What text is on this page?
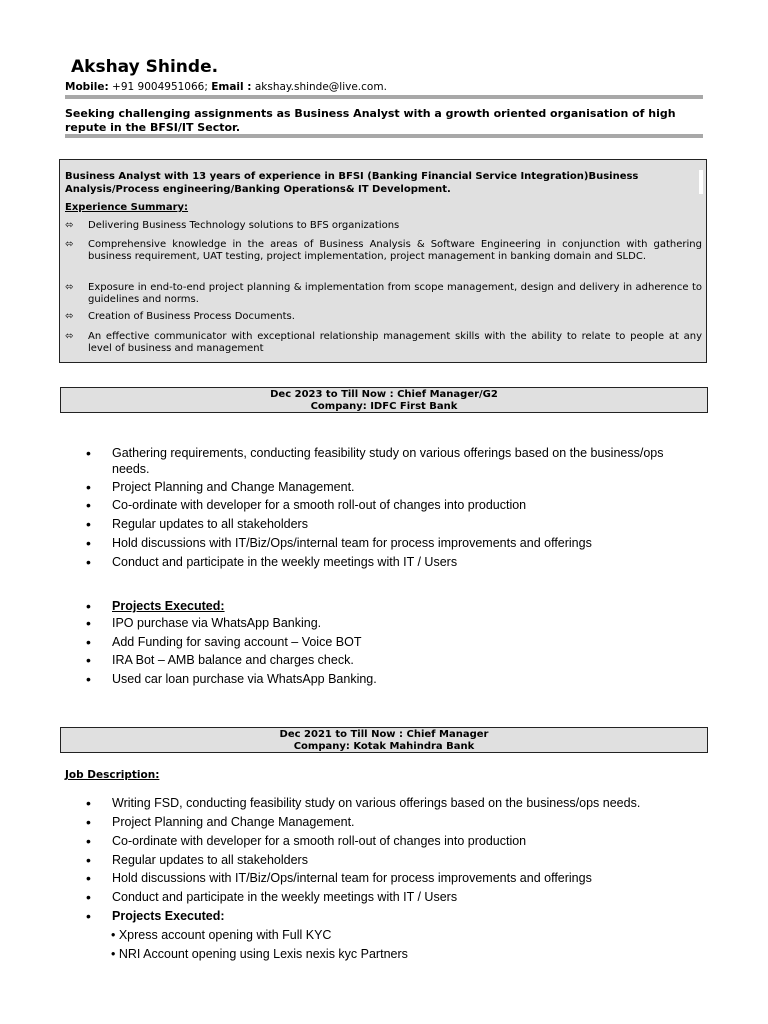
Akshay Shinde.
Mobile: +91 9004951066; Email : akshay.shinde@live.com.
Seeking challenging assignments as Business Analyst with a growth oriented organisation of high repute in the BFSI/IT Sector.
Business Analyst with 13 years of experience in BFSI (Banking Financial Service Integration)Business Analysis/Process engineering/Banking Operations& IT Development.
Experience Summary:
⬄	Delivering Business Technology solutions to BFS organizations
⬄	Comprehensive knowledge in the areas of Business Analysis & Software Engineering in conjunction with gathering business requirement, UAT testing, project implementation, project management in banking domain and SLDC.
⬄	Exposure in end-to-end project planning & implementation from scope management, design and delivery in adherence to guidelines and norms.
⬄	Creation of Business Process Documents.
⬄	An effective communicator with exceptional relationship management skills with the ability to relate to people at any level of business and management
Dec 2023 to Till Now : Chief Manager/G2
Company: IDFC First Bank
•	Gathering requirements, conducting feasibility study on various offerings based on the business/ops needs.
•	Project Planning and Change Management.
•	Co-ordinate with developer for a smooth roll-out of changes into production
•	Regular updates to all stakeholders
•	Hold discussions with IT/Biz/Ops/internal team for process improvements and offerings
•	Conduct and participate in the weekly meetings with IT / Users
•	Projects Executed:
•	IPO purchase via WhatsApp Banking.
•	Add Funding for saving account – Voice BOT
•	IRA Bot – AMB balance and charges check.
•	Used car loan purchase via WhatsApp Banking.
Dec 2021 to Till Now : Chief Manager
Company: Kotak Mahindra Bank
Job Description:
•	Writing FSD, conducting feasibility study on various offerings based on the business/ops needs.
•	Project Planning and Change Management.
•	Co-ordinate with developer for a smooth roll-out of changes into production
•	Regular updates to all stakeholders
•	Hold discussions with IT/Biz/Ops/internal team for process improvements and offerings
•	Conduct and participate in the weekly meetings with IT / Users
•	Projects Executed:
• Xpress account opening with Full KYC
• NRI Account opening using Lexis nexis kyc Partners
